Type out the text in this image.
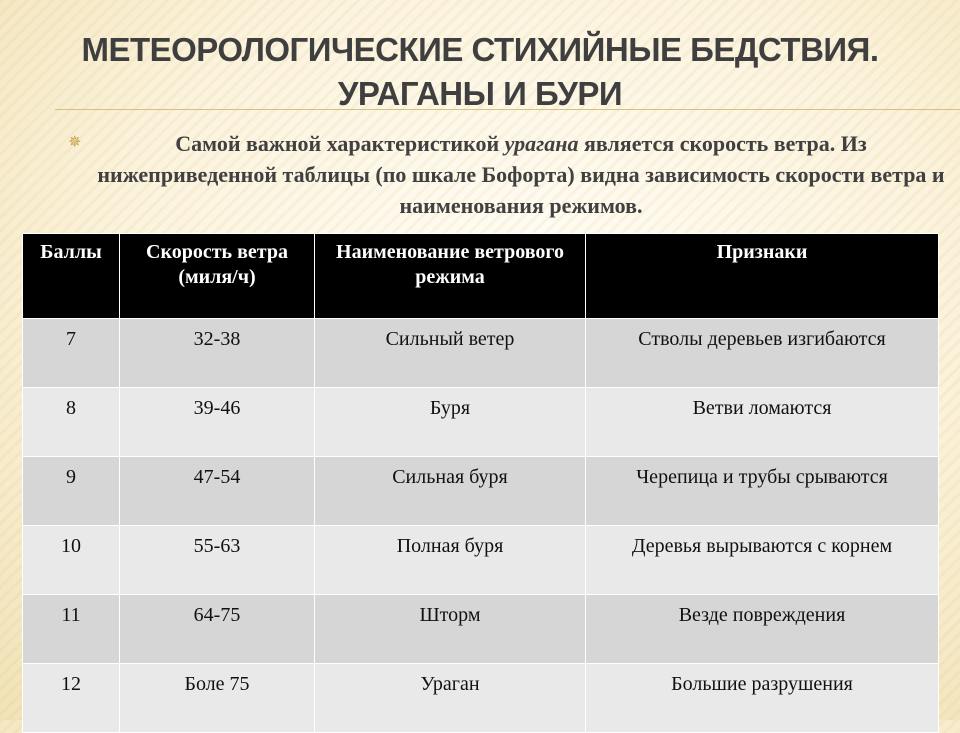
МЕТЕОРОЛОГИЧЕСКИЕ СТИХИЙНЫЕ БЕДСТВИЯ.
УРАГАНЫ И БУРИ
✵	Самой важной характеристикой урагана является скорость ветра. Из нижеприведенной таблицы (по шкале Бофорта) видна зависимость скорости ветра и наименования режимов.
Баллы	Скорость ветра (миля/ч)	Наименование ветрового режима	Признаки
7	32-38	Сильный ветер	Стволы деревьев изгибаются
8	39-46	Буря	Ветви ломаются
9	47-54	Сильная буря	Черепица и трубы срываются
10	55-63	Полная буря	Деревья вырываются с корнем
11	64-75	Шторм	Везде повреждения
12	Боле 75	Ураган	Большие разрушения
